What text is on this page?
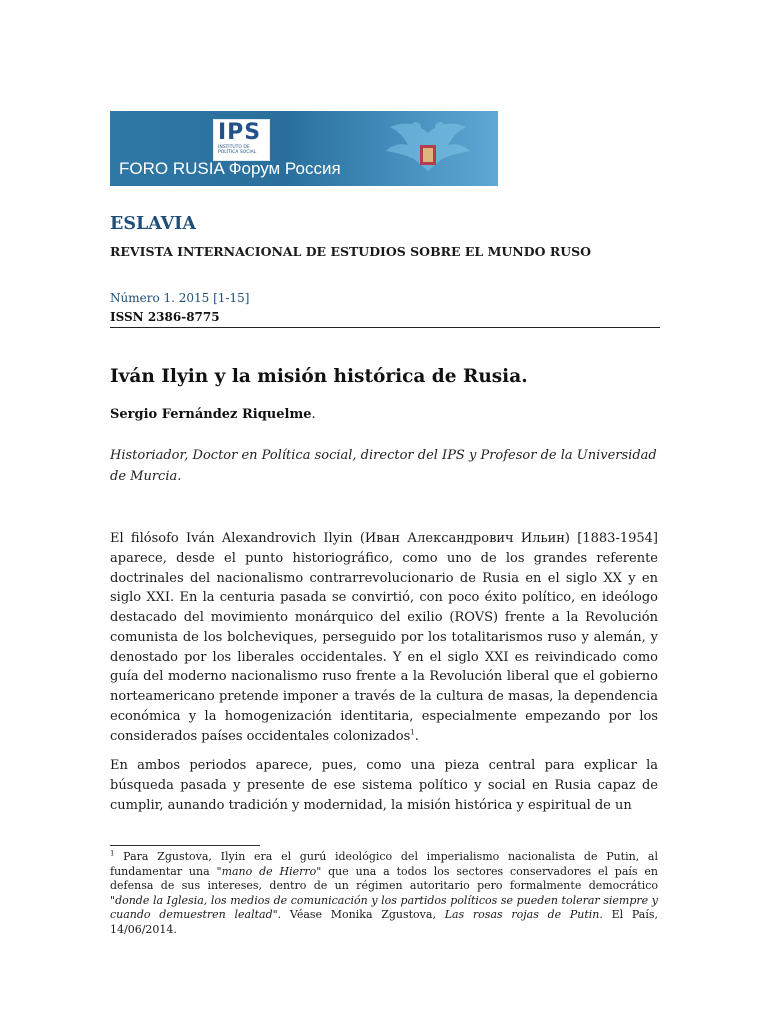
IPS
INSTITUTO DE POLÍTICA SOCIAL
FORO RUSIA Форум Россия
ESLAVIA
REVISTA INTERNACIONAL DE ESTUDIOS SOBRE EL MUNDO RUSO
Número 1. 2015 [1-15]
ISSN 2386-8775
Iván Ilyin y la misión histórica de Rusia.
Sergio Fernández Riquelme.
Historiador, Doctor en Política social, director del IPS y Profesor de la Universidad de Murcia.

El filósofo Iván Alexandrovich Ilyin (Иван Александрович Ильин) [1883-1954] aparece, desde el punto historiográfico, como uno de los grandes referente doctrinales del nacionalismo contrarrevolucionario de Rusia en el siglo XX y en siglo XXI. En la centuria pasada se convirtió, con poco éxito político, en ideólogo destacado del movimiento monárquico del exilio (ROVS) frente a la Revolución comunista de los bolcheviques, perseguido por los totalitarismos ruso y alemán, y denostado por los liberales occidentales. Y en el siglo XXI es reivindicado como guía del moderno nacionalismo ruso frente a la Revolución liberal que el gobierno norteamericano pretende imponer a través de la cultura de masas, la dependencia económica y la homogenización identitaria, especialmente empezando por los considerados países occidentales colonizados$^1$.

En ambos periodos aparece, pues, como una pieza central para explicar la búsqueda pasada y presente de ese sistema político y social en Rusia capaz de cumplir, aunando tradición y modernidad, la misión histórica y espiritual de un

$^1$ Para Zgustova, Ilyin era el gurú ideológico del imperialismo nacionalista de Putin, al fundamentar una "mano de Hierro" que una a todos los sectores conservadores el país en defensa de sus intereses, dentro de un régimen autoritario pero formalmente democrático "donde la Iglesia, los medios de comunicación y los partidos políticos se pueden tolerar siempre y cuando demuestren lealtad". Véase Monika Zgustova, Las rosas rojas de Putin. El País, 14/06/2014.
